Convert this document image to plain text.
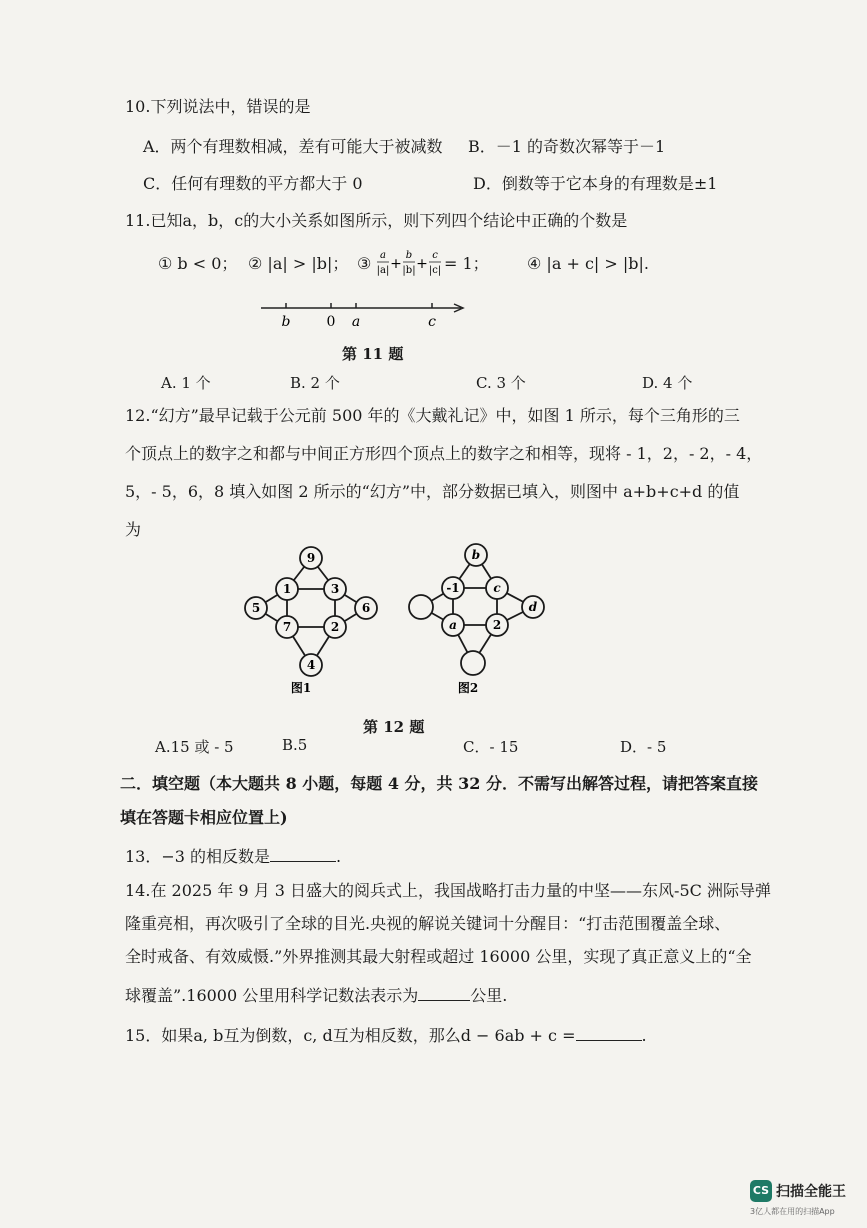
10.下列说法中，错误的是
A．两个有理数相减，差有可能大于被减数 B．－1 的奇数次幂等于－1
C．任何有理数的平方都大于 0	D．倒数等于它本身的有理数是±1
11.已知a，b，c的大小关系如图所示，则下列四个结论中正确的个数是
① b < 0； ② |a| > |b|； ③ a
|a| +
b
|b| +
c
|c| = 1； ④ |a + c| > |b|.
b	0 a	c
第 11 题
A. 1 个	B. 2 个	C. 3 个	D. 4 个
12.“幻方”最早记载于公元前 500 年的《大戴礼记》中，如图 1 所示，每个三角形的三
个顶点上的数字之和都与中间正方形四个顶点上的数字之和相等，现将 - 1，2，- 2，- 4，
5，- 5，6，8 填入如图 2 所示的“幻方”中，部分数据已填入，则图中 a+b+c+d 的值
为
9
1	3
5	6
7	2
4
图1
b
-1	c
d
a	2
图2
第 12 题
A.15 或 - 5	B.5	C．- 15	D．- 5
二．填空题（本大题共 8 小题，每题 4 分，共 32 分．不需写出解答过程，请把答案直接
填在答题卡相应位置上)
13．−3 的相反数是	.
14.在 2025 年 9 月 3 日盛大的阅兵式上，我国战略打击力量的中坚——东风-5C 洲际导弹
隆重亮相，再次吸引了全球的目光.央视的解说关键词十分醒目：“打击范围覆盖全球、
全时戒备、有效威慑.”外界推测其最大射程或超过 16000 公里，实现了真正意义上的“全
球覆盖”.16000 公里用科学记数法表示为	公里.
15．如果a, b互为倒数，c, d互为相反数，那么d − 6ab + c =	.
CS 扫描全能王
3亿人都在用的扫描App
